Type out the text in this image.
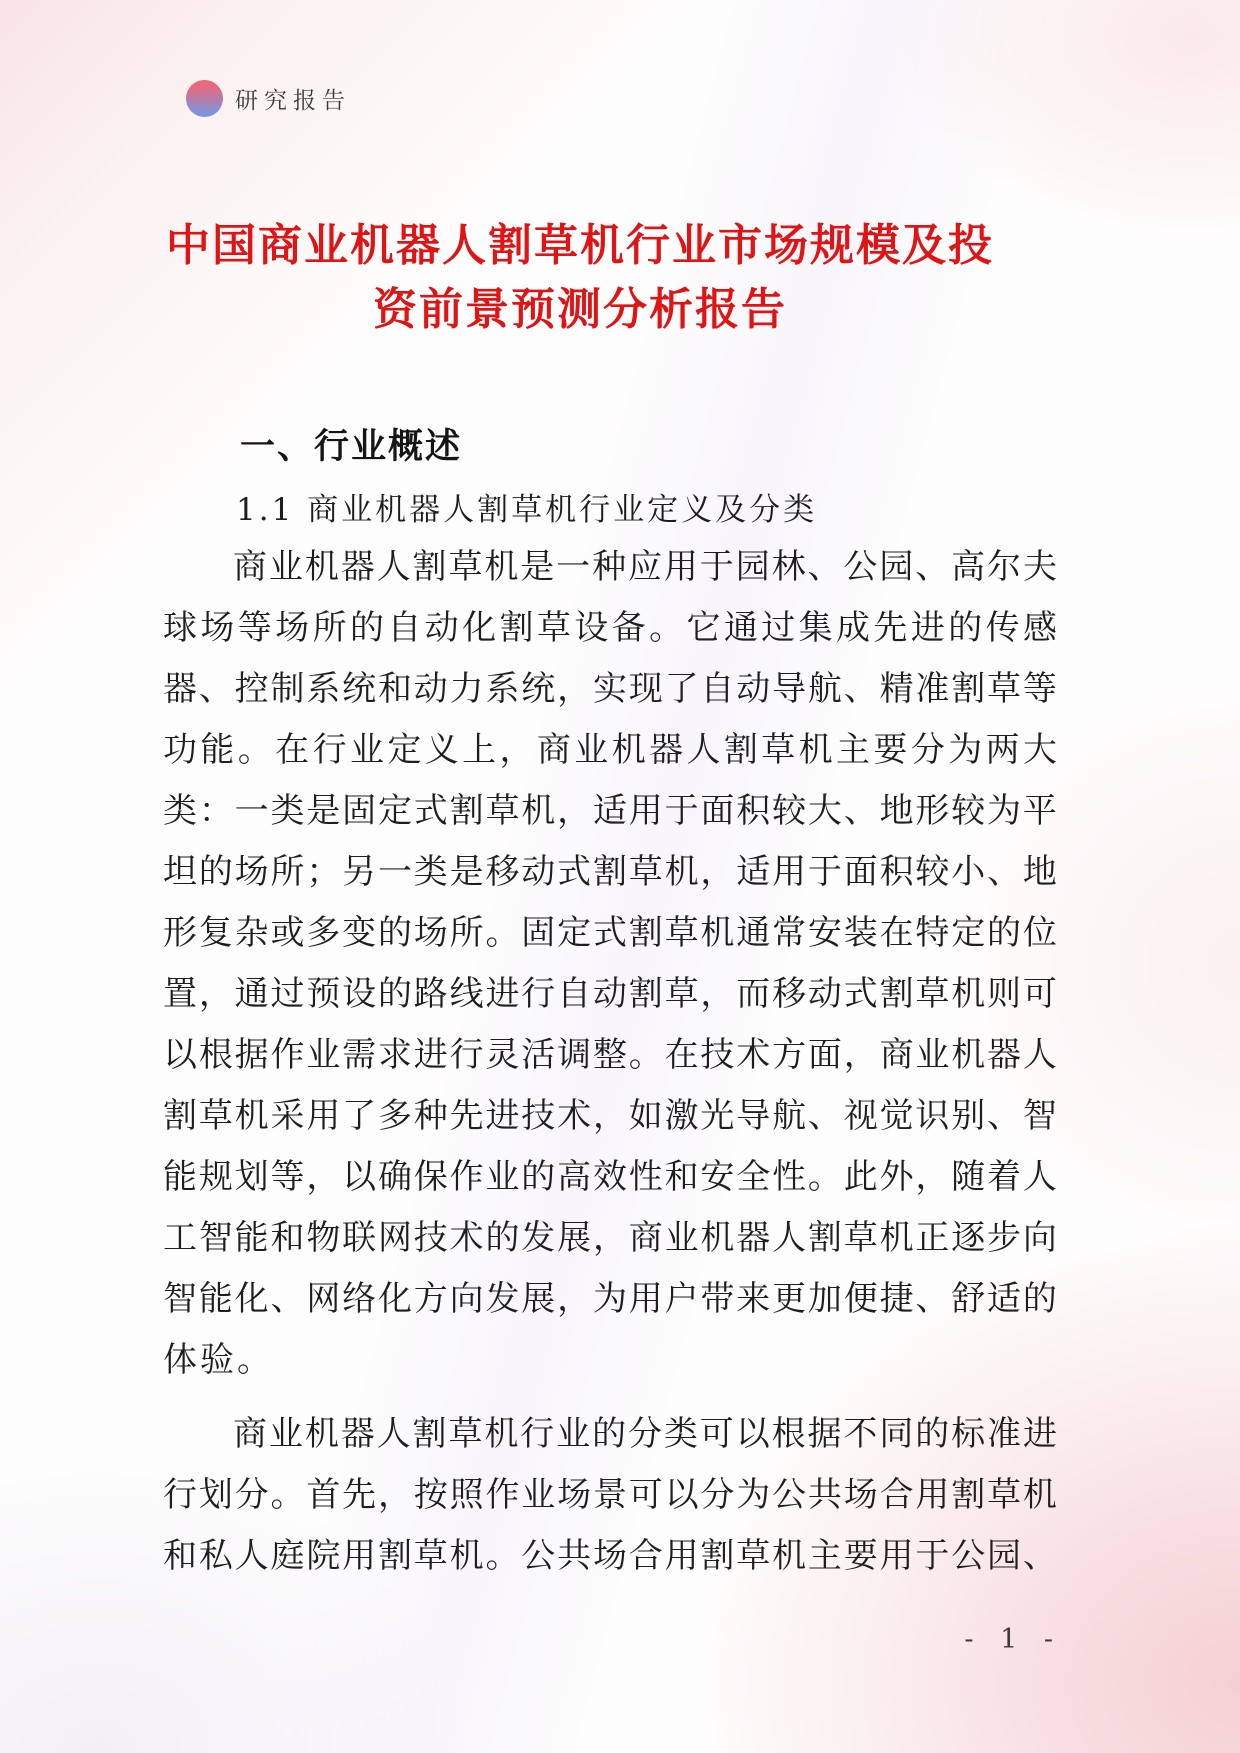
研究报告
中国商业机器人割草机行业市场规模及投
资前景预测分析报告
一、行业概述
1.1 商业机器人割草机行业定义及分类
商 业 机 器 人 割 草 机 是 一 种 应 用 于 园 林 、 公 园 、 高 尔 夫
球 场 等 场 所 的 自 动 化 割 草 设 备 。 它 通 过 集 成 先 进 的 传 感
器 、 控 制 系 统 和 动 力 系 统 ， 实 现 了 自 动 导 航 、 精 准 割 草 等
功 能 。 在 行 业 定 义 上 ， 商 业 机 器 人 割 草 机 主 要 分 为 两 大
类 ： 一 类 是 固 定 式 割 草 机 ， 适 用 于 面 积 较 大 、 地 形 较 为 平
坦 的 场 所 ； 另 一 类 是 移 动 式 割 草 机 ， 适 用 于 面 积 较 小 、 地
形 复 杂 或 多 变 的 场 所 。 固 定 式 割 草 机 通 常 安 装 在 特 定 的 位
置 ， 通 过 预 设 的 路 线 进 行 自 动 割 草 ， 而 移 动 式 割 草 机 则 可
以 根 据 作 业 需 求 进 行 灵 活 调 整 。 在 技 术 方 面 ， 商 业 机 器 人
割 草 机 采 用 了 多 种 先 进 技 术 ， 如 激 光 导 航 、 视 觉 识 别 、 智
能 规 划 等 ， 以 确 保 作 业 的 高 效 性 和 安 全 性 。 此 外 ， 随 着 人
工 智 能 和 物 联 网 技 术 的 发 展 ， 商 业 机 器 人 割 草 机 正 逐 步 向
智 能 化 、 网 络 化 方 向 发 展 ， 为 用 户 带 来 更 加 便 捷 、 舒 适 的
体 验 。
商 业 机 器 人 割 草 机 行 业 的 分 类 可 以 根 据 不 同 的 标 准 进
行 划 分 。 首 先 ， 按 照 作 业 场 景 可 以 分 为 公 共 场 合 用 割 草 机
和 私 人 庭 院 用 割 草 机 。 公 共 场 合 用 割 草 机 主 要 用 于 公 园 、
- 1 -
